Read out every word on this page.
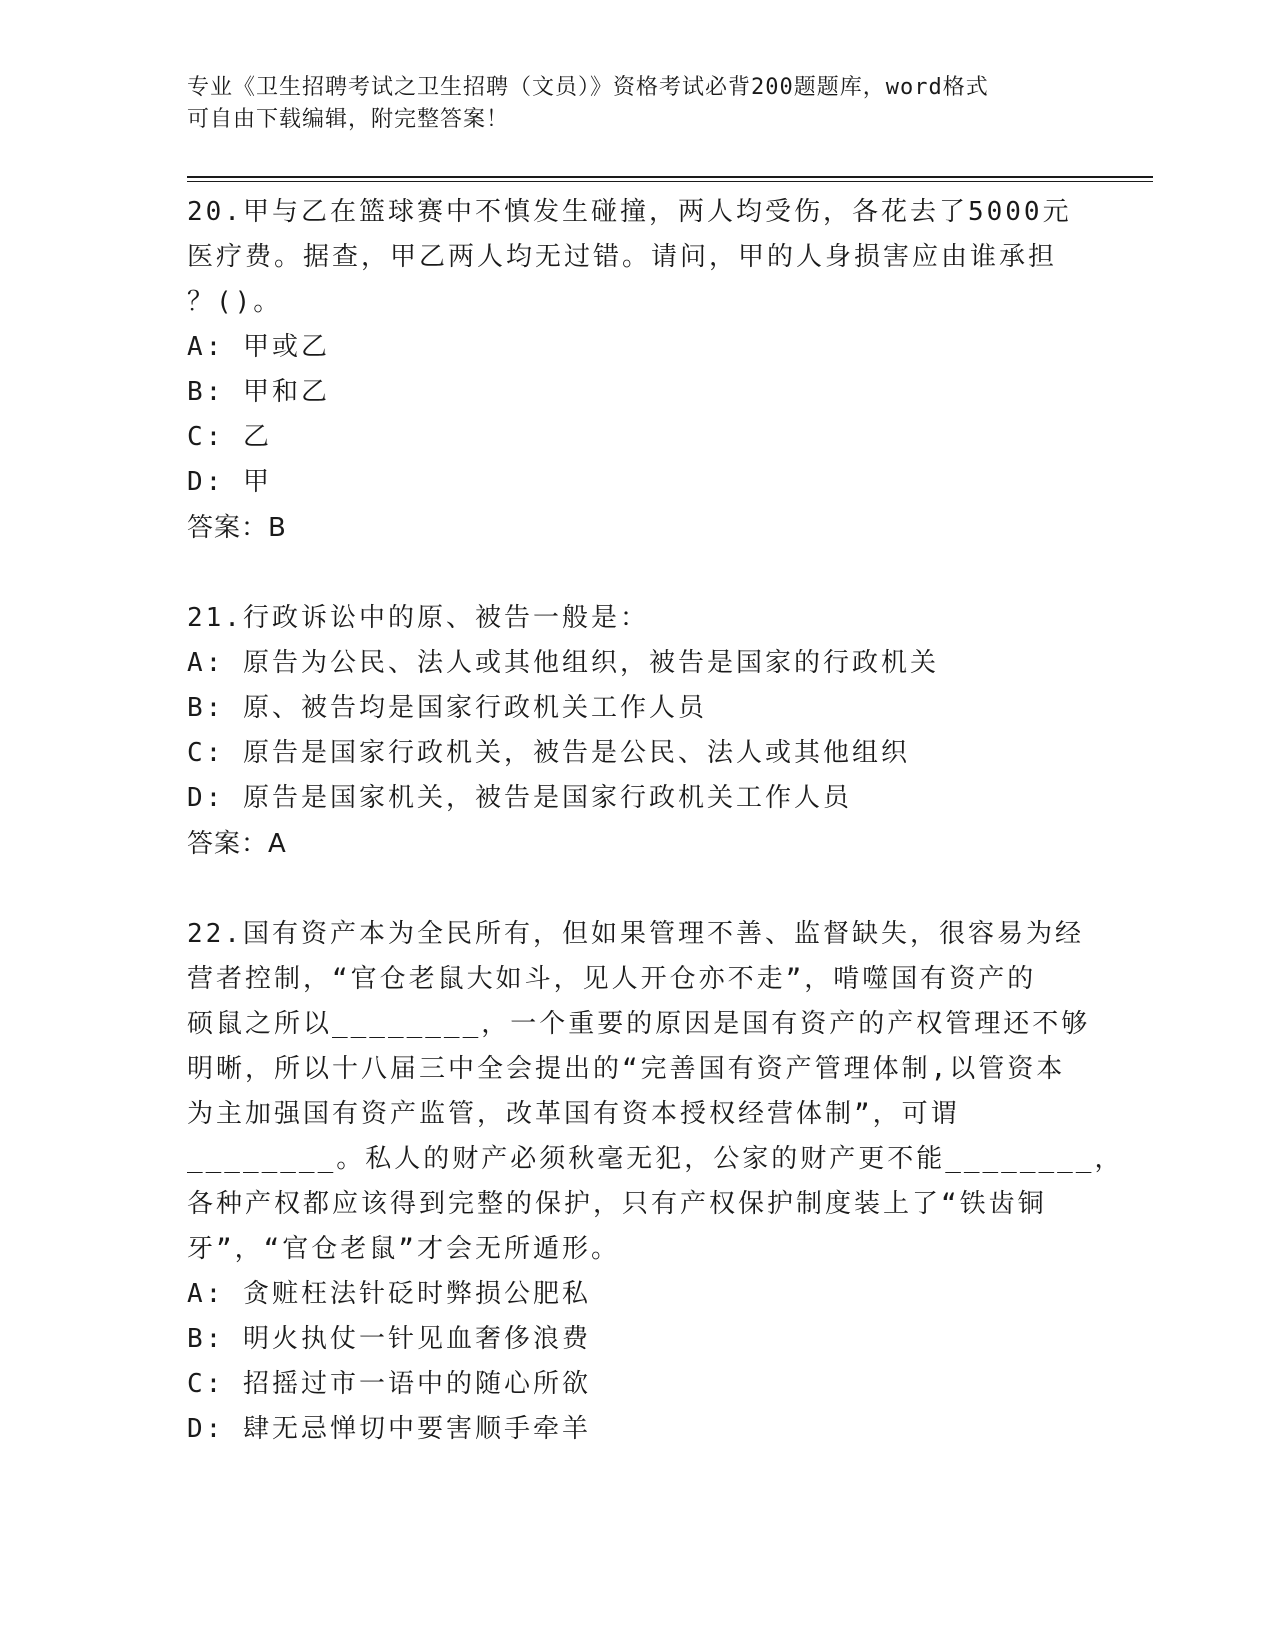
专业《卫生招聘考试之卫生招聘（文员）》资格考试必背200题题库，word格式
可自由下载编辑，附完整答案！
20.甲与乙在篮球赛中不慎发生碰撞，两人均受伤，各花去了5000元
医疗费。据查，甲乙两人均无过错。请问，甲的人身损害应由谁承担
？()。
A: 甲或乙
B: 甲和乙
C: 乙
D: 甲
答案：B
21.行政诉讼中的原、被告一般是：
A: 原告为公民、法人或其他组织，被告是国家的行政机关
B: 原、被告均是国家行政机关工作人员
C: 原告是国家行政机关，被告是公民、法人或其他组织
D: 原告是国家机关，被告是国家行政机关工作人员
答案：A
22.国有资产本为全民所有，但如果管理不善、监督缺失，很容易为经
营者控制，“官仓老鼠大如斗，见人开仓亦不走”，啃噬国有资产的
硕鼠之所以________，一个重要的原因是国有资产的产权管理还不够
明晰，所以十八届三中全会提出的“完善国有资产管理体制,以管资本
为主加强国有资产监管，改革国有资本授权经营体制”，可谓
________。私人的财产必须秋毫无犯，公家的财产更不能________，
各种产权都应该得到完整的保护，只有产权保护制度装上了“铁齿铜
牙”，“官仓老鼠”才会无所遁形。
A: 贪赃枉法针砭时弊损公肥私
B: 明火执仗一针见血奢侈浪费
C: 招摇过市一语中的随心所欲
D: 肆无忌惮切中要害顺手牵羊
